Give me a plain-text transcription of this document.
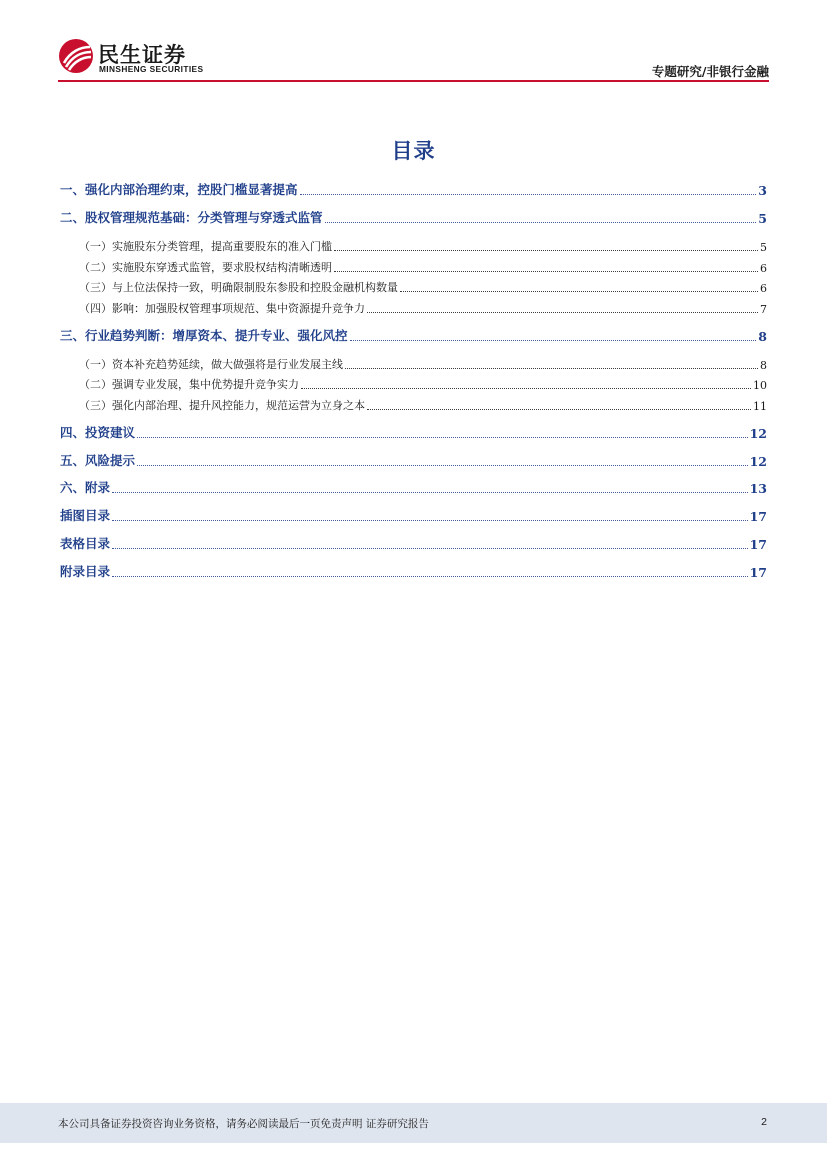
民生证券
MINSHENG SECURITIES	专题研究/非银行金融
目录
一、强化内部治理约束，控股门槛显著提高	3
二、股权管理规范基础：分类管理与穿透式监管	5
（一）实施股东分类管理，提高重要股东的准入门槛	5
（二）实施股东穿透式监管，要求股权结构清晰透明	6
（三）与上位法保持一致，明确限制股东参股和控股金融机构数量	6
（四）影响：加强股权管理事项规范、集中资源提升竞争力	7
三、行业趋势判断：增厚资本、提升专业、强化风控	8
（一）资本补充趋势延续，做大做强将是行业发展主线	8
（二）强调专业发展，集中优势提升竞争实力	10
（三）强化内部治理、提升风控能力，规范运营为立身之本	11
四、投资建议	12
五、风险提示	12
六、附录	13
插图目录	17
表格目录	17
附录目录	17
本公司具备证券投资咨询业务资格，请务必阅读最后一页免责声明 证券研究报告	2
